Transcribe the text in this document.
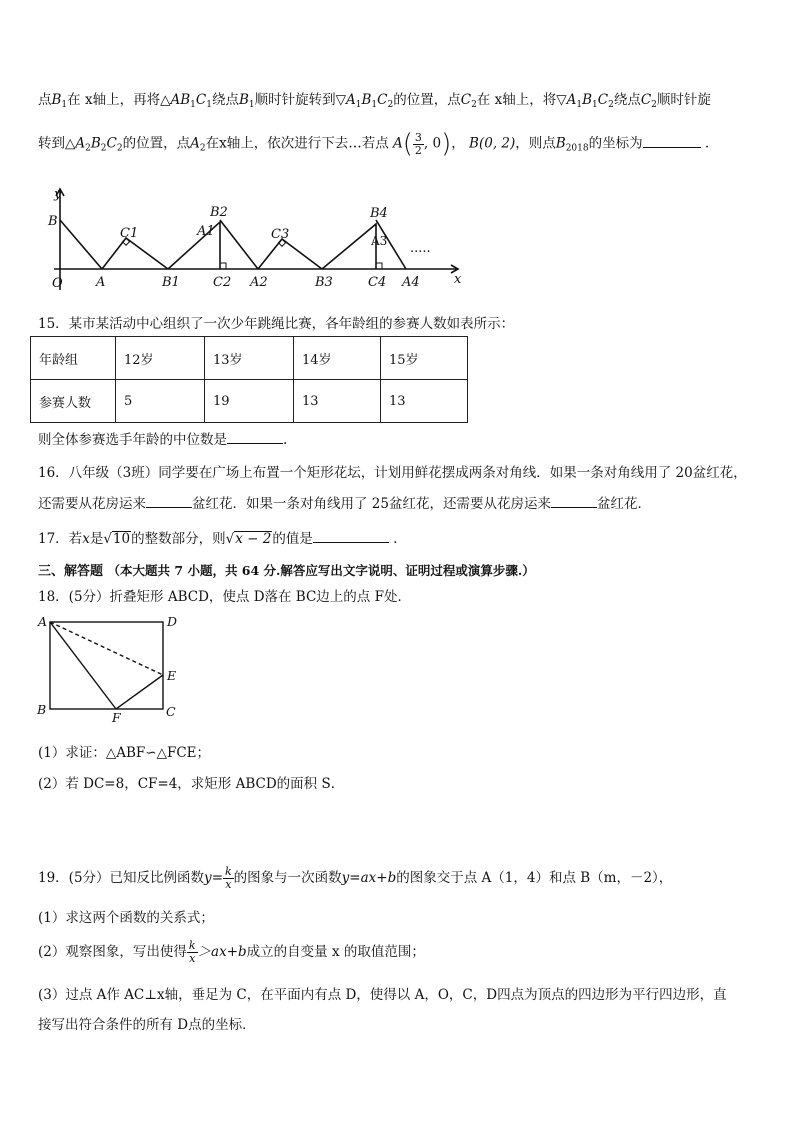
点$B_1$在 x轴上，再将$\triangle AB_1C_1$绕点$B_1$顺时针旋转到$▽A_1B_1C_2$的位置，点$C_2$在 x轴上，将$▽A_1B_1C_2$绕点$C_2$顺时针旋
转到$\triangle A_2B_2C_2$的位置，点$A_2$在x轴上，依次进行下去…若点 $A( \frac{3}{2}$ , 0)， B(0, 2)，则点$B_{2018}$的坐标为	.
y
B
C1
B2
A1	C3
B4
A3 .....
O	A	B1	C2 A2	B3	C4 A4	x
15．某市某活动中心组织了一次少年跳绳比赛，各年龄组的参赛人数如表所示：
年龄组	12岁	13岁	14岁	15岁
参赛人数	5	19	13	13
则全体参赛选手年龄的中位数是	.
16．八年级（3班）同学要在广场上布置一个矩形花坛，计划用鲜花摆成两条对角线．如果一条对角线用了 20盆红花，
还需要从花房运来	盆红花．如果一条对角线用了 25盆红花，还需要从花房运来	盆红花．
17．若x是√10的整数部分，则√x − 2的值是	.
三、解答题 （本大题共 7 小题，共 64 分.解答应写出文字说明、证明过程或演算步骤.）
18．(5分）折叠矩形 ABCD，使点 D落在 BC边上的点 F处．
A	D
E
B
F	C
(1）求证：△ABF∽△FCE；
(2）若 DC=8，CF=4，求矩形 ABCD的面积 S．
19．(5分）已知反比例函数$y= \frac{k}{x}$ 的图象与一次函数y=ax+b的图象交于点 A（1，4）和点 B（m，－2），
(1）求这两个函数的关系式；
(2）观察图象，写出使得 $\frac{k}{x} >ax+b$成立的自变量 x 的取值范围；
(3）过点 A作 AC⊥x轴，垂足为 C，在平面内有点 D，使得以 A，O，C，D四点为顶点的四边形为平行四边形，直
接写出符合条件的所有 D点的坐标．
